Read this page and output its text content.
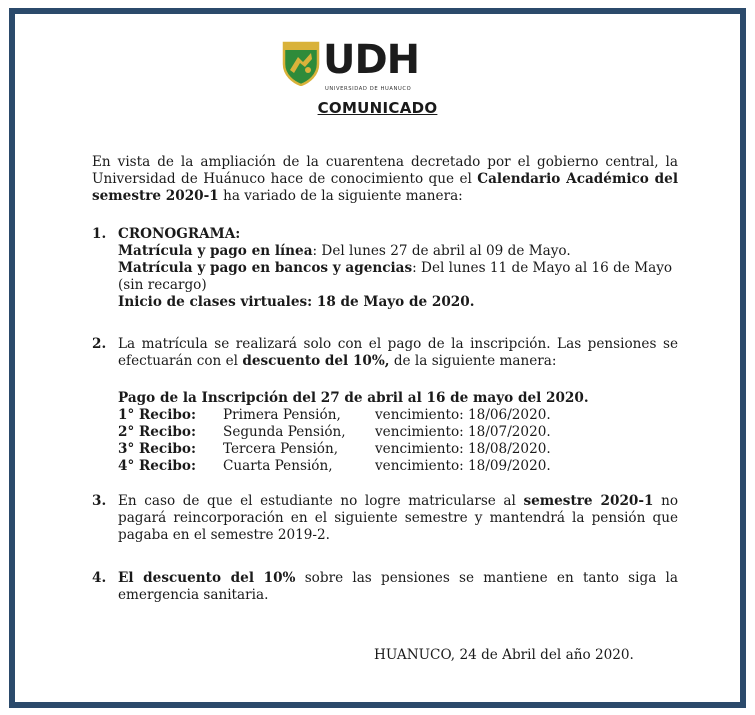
UDH
UNIVERSIDAD DE HUANUCO
COMUNICADO
En vista de la ampliación de la cuarentena decretado por el gobierno central, la Universidad de Huánuco hace de conocimiento que el Calendario Académico del semestre 2020-1 ha variado de la siguiente manera:
1. CRONOGRAMA:
Matrícula y pago en línea: Del lunes 27 de abril al 09 de Mayo.
Matrícula y pago en bancos y agencias: Del lunes 11 de Mayo al 16 de Mayo (sin recargo)
Inicio de clases virtuales: 18 de Mayo de 2020.
2. La matrícula se realizará solo con el pago de la inscripción. Las pensiones se efectuarán con el descuento del 10%, de la siguiente manera:
Pago de la Inscripción del 27 de abril al 16 de mayo del 2020.
1° Recibo: Primera Pensión,	vencimiento: 18/06/2020.
2° Recibo: Segunda Pensión, vencimiento: 18/07/2020.
3° Recibo: Tercera Pensión,	vencimiento: 18/08/2020.
4° Recibo: Cuarta Pensión,	vencimiento: 18/09/2020.
3. En caso de que el estudiante no logre matricularse al semestre 2020-1 no pagará reincorporación en el siguiente semestre y mantendrá la pensión que pagaba en el semestre 2019-2.
4. El descuento del 10% sobre las pensiones se mantiene en tanto siga la emergencia sanitaria.
HUANUCO, 24 de Abril del año 2020.
